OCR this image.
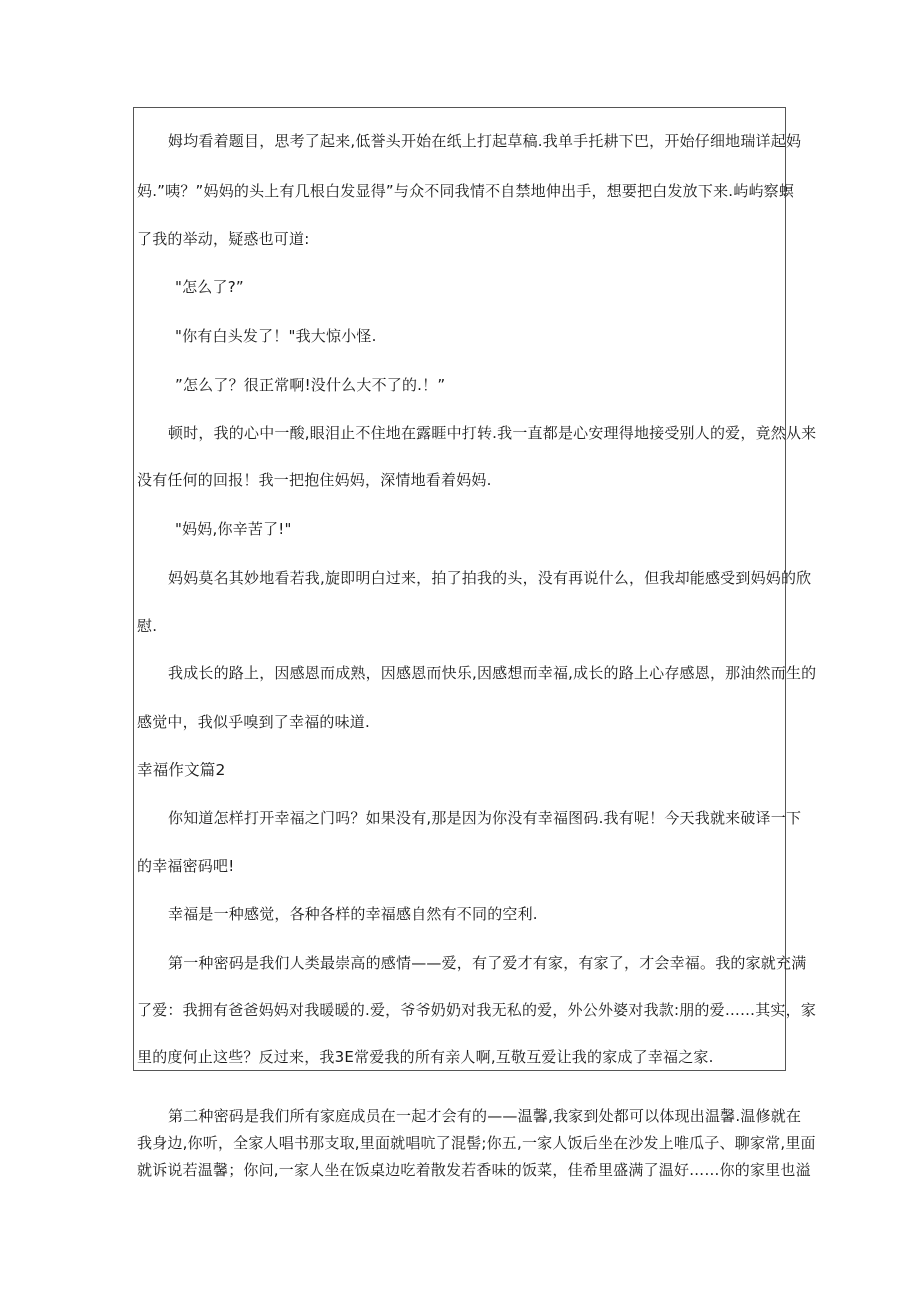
姆均看着题目，思考了起来,低誉头开始在纸上打起草稿.我单手托耕下巴，开始仔细地瑞详起妈

妈.”咦？”妈妈的头上有几根白发显得”与众不同我情不自禁地伸出手，想要把白发放下来.屿屿察螟

了我的举动，疑惑也可道:

"怎么了?”

"你有白头发了！"我大惊小怪.

”怎么了？很正常啊!没什么大不了的.！”

顿时，我的心中一酸,眼泪止不住地在露睚中打转.我一直都是心安理得地接受别人的爱，竟然从来

没有任何的回报！我一把抱住妈妈，深情地看着妈妈.

"妈妈,你辛苦了!"

妈妈莫名其妙地看若我,旋即明白过来，拍了拍我的头，没有再说什么，但我却能感受到妈妈的欣

慰.

我成长的路上，因感恩而成熟，因感恩而快乐,因感想而幸福,成长的路上心存感恩，那油然而生的

感觉中，我似乎嗅到了幸福的味道.

幸福作文篇2

你知道怎样打开幸福之门吗？如果没有,那是因为你没有幸福图码.我有呢！今天我就来破译一下

的幸福密码吧!

幸福是一种感觉，各种各样的幸福感自然有不同的空利.

第一种密码是我们人类最崇高的感情——爱，有了爱才有家，有家了，才会幸福。我的家就充满

了爱：我拥有爸爸妈妈对我暖暖的.爱，爷爷奶奶对我无私的爱，外公外婆对我款:朋的爱……其实，家

里的度何止这些？反过来，我3E常爱我的所有亲人啊,互敬互爱让我的家成了幸福之家.

第二种密码是我们所有家庭成员在一起才会有的——温馨,我家到处都可以体现出温馨.温修就在

我身边,你听，全家人唱书那支取,里面就唱吭了混髻;你五,一家人饭后坐在沙发上唯瓜子、聊家常,里面

就诉说若温馨；你问,一家人坐在饭桌边吃着散发若香味的饭菜，佳希里盛满了温好……你的家里也溢
